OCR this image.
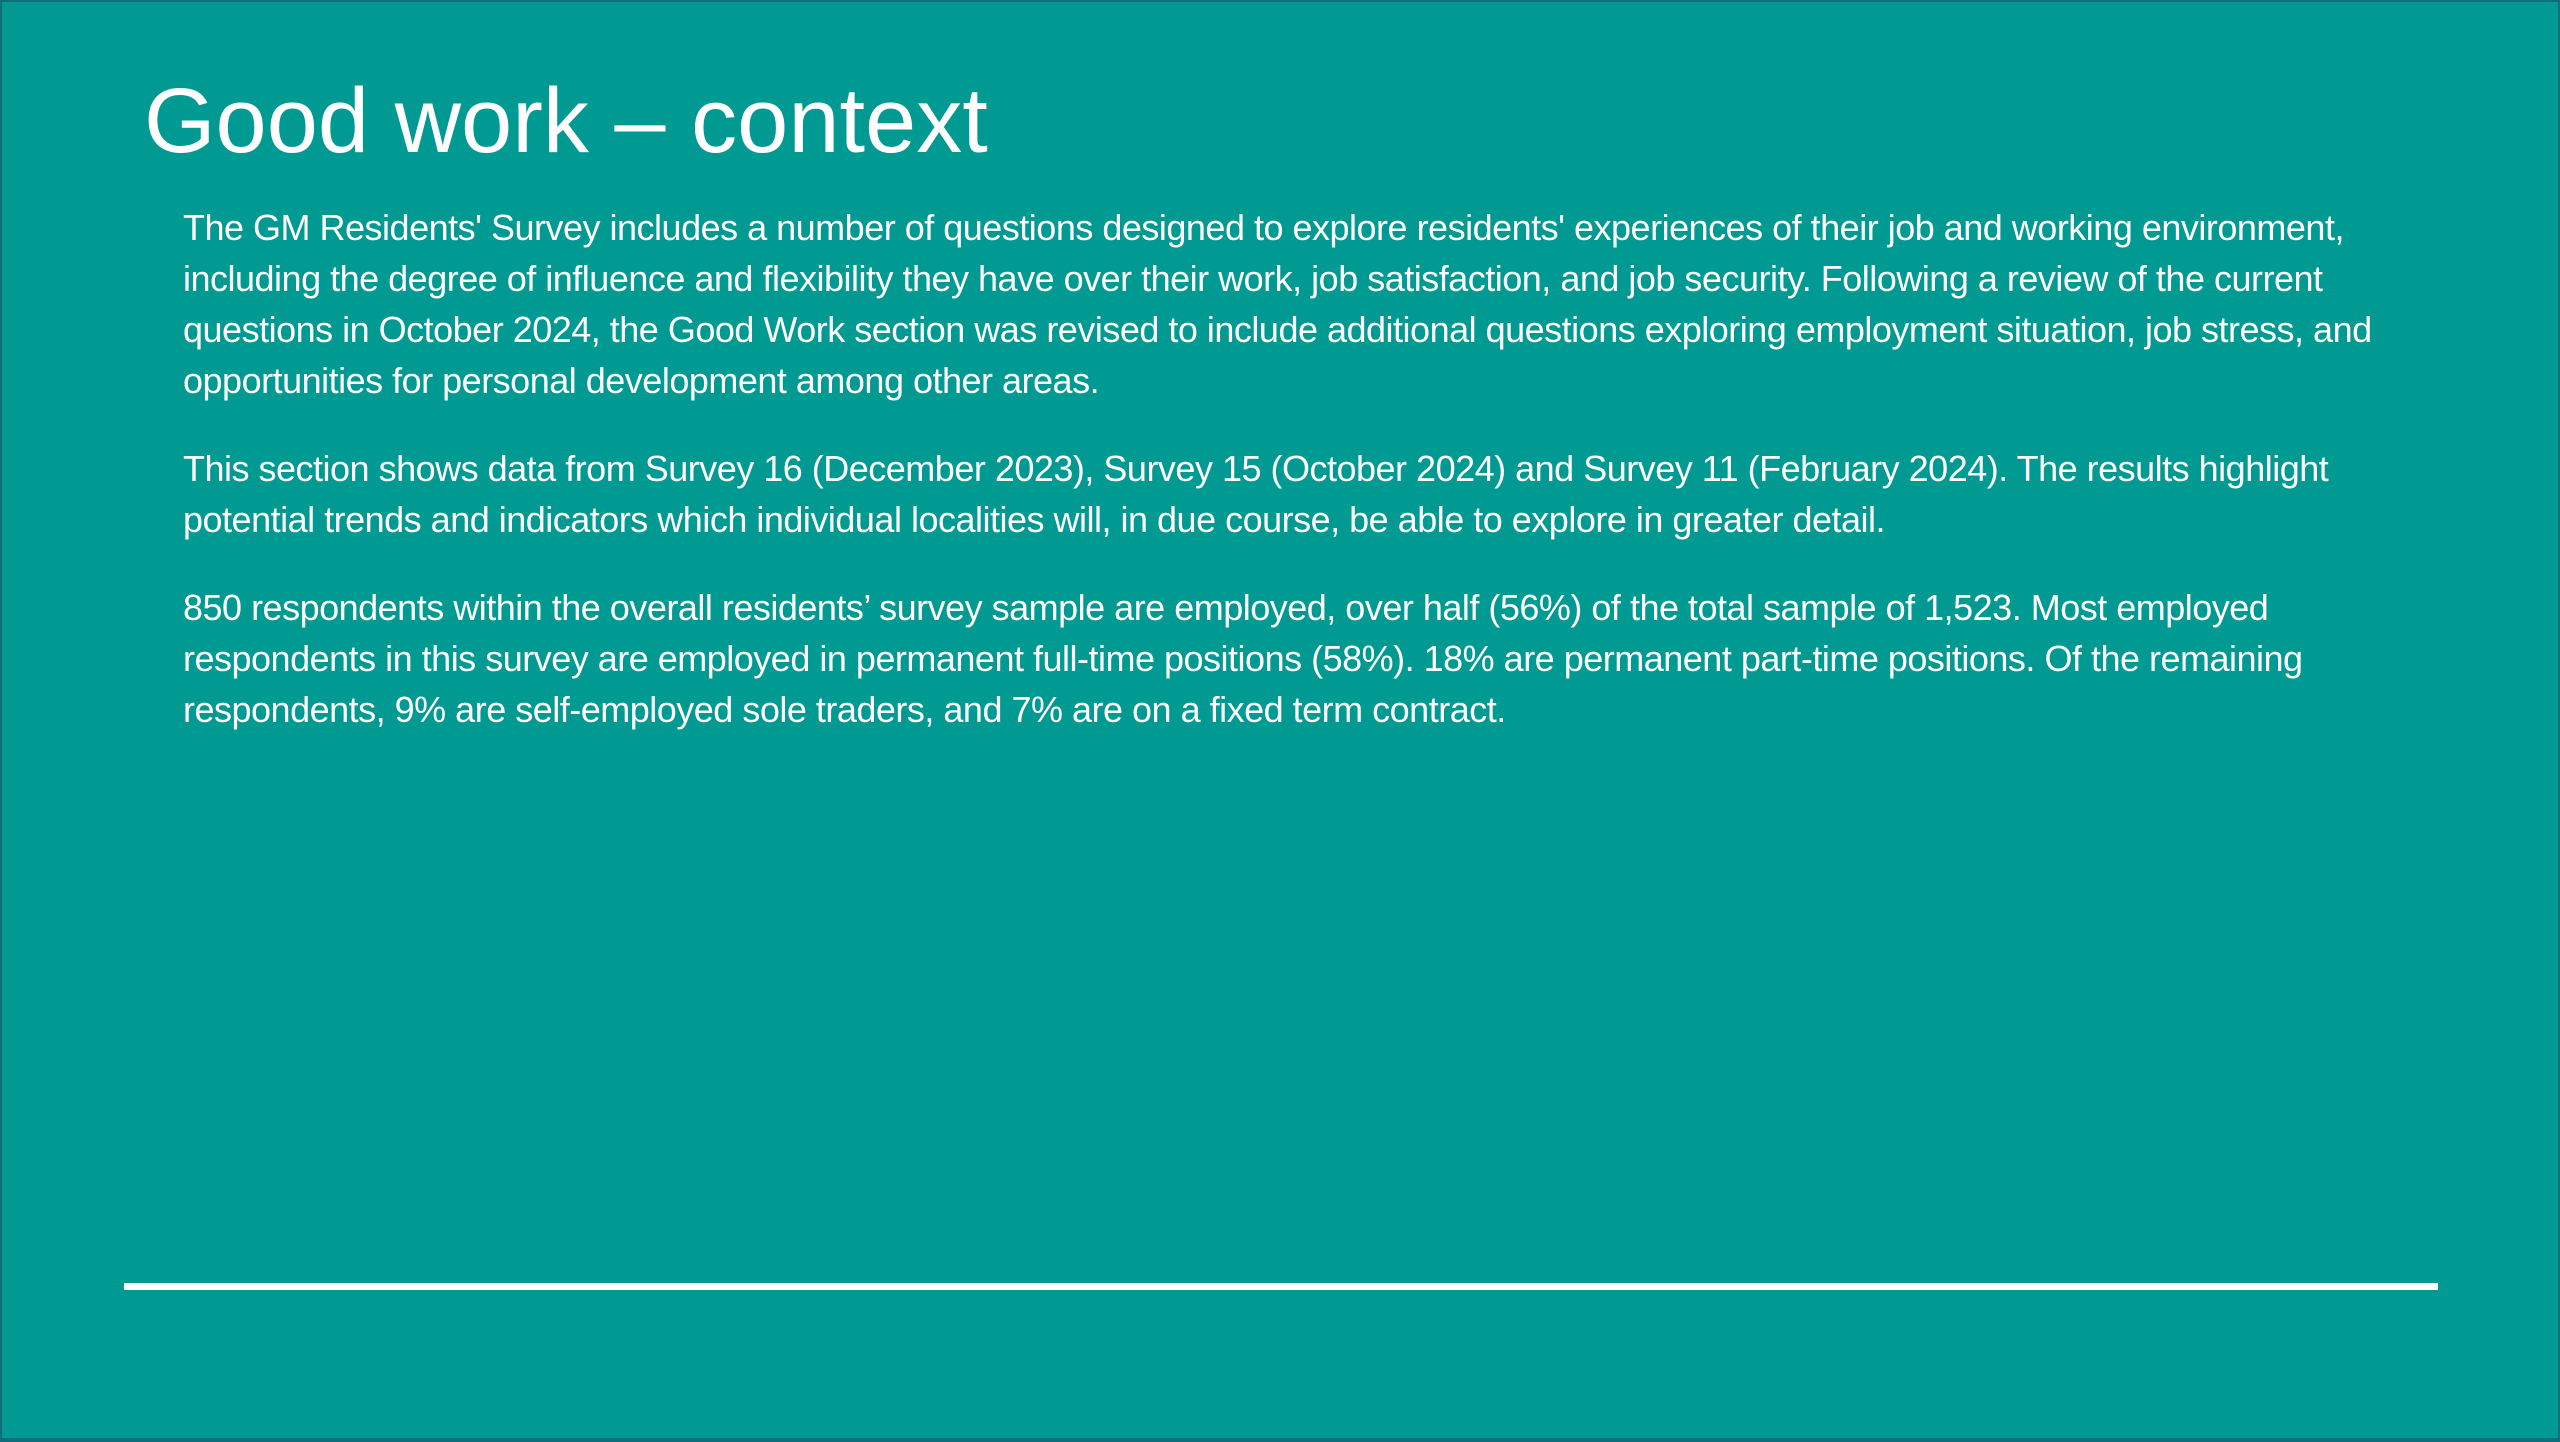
Good work – context

The GM Residents' Survey includes a number of questions designed to explore residents' experiences of their job and working environment, including the degree of influence and flexibility they have over their work, job satisfaction, and job security. Following a review of the current questions in October 2024, the Good Work section was revised to include additional questions exploring employment situation, job stress, and opportunities for personal development among other areas.

This section shows data from Survey 16 (December 2023), Survey 15 (October 2024) and Survey 11 (February 2024). The results highlight potential trends and indicators which individual localities will, in due course, be able to explore in greater detail.

850 respondents within the overall residents’ survey sample are employed, over half (56%) of the total sample of 1,523. Most employed respondents in this survey are employed in permanent full-time positions (58%). 18% are permanent part-time positions. Of the remaining respondents, 9% are self-employed sole traders, and 7% are on a fixed term contract.
